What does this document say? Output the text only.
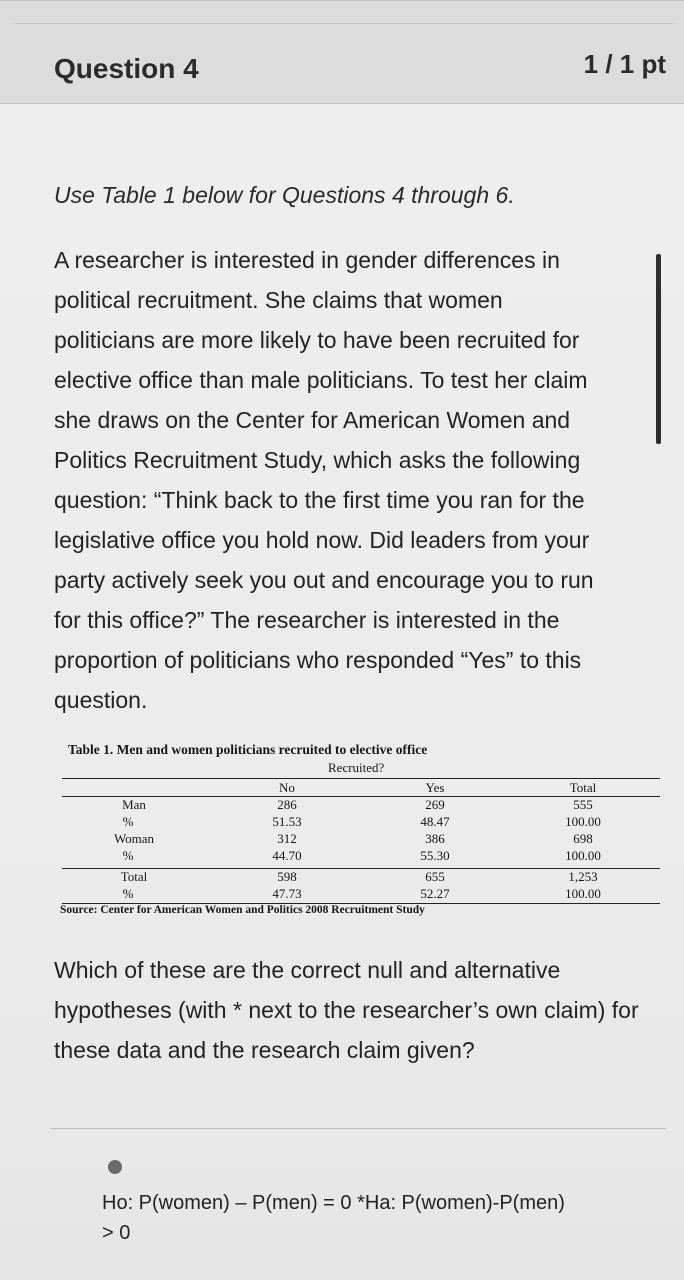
Question 4	1 / 1 pt
Use Table 1 below for Questions 4 through 6.
A researcher is interested in gender differences in
political recruitment. She claims that women
politicians are more likely to have been recruited for
elective office than male politicians. To test her claim
she draws on the Center for American Women and
Politics Recruitment Study, which asks the following
question: “Think back to the first time you ran for the
legislative office you hold now. Did leaders from your
party actively seek you out and encourage you to run
for this office?” The researcher is interested in the
proportion of politicians who responded “Yes” to this
question.
Table 1. Men and women politicians recruited to elective office
Recruited?
No	Yes	Total
Man	286	269	555
%	51.53	48.47	100.00
Woman	312	386	698
%	44.70	55.30	100.00
Total	598	655	1,253
%	47.73	52.27	100.00
Source: Center for American Women and Politics 2008 Recruitment Study
Which of these are the correct null and alternative hypotheses (with * next to the researcher’s own claim) for these data and the research claim given?
Ho: P(women) – P(men) = 0 *Ha: P(women)-P(men)
> 0
